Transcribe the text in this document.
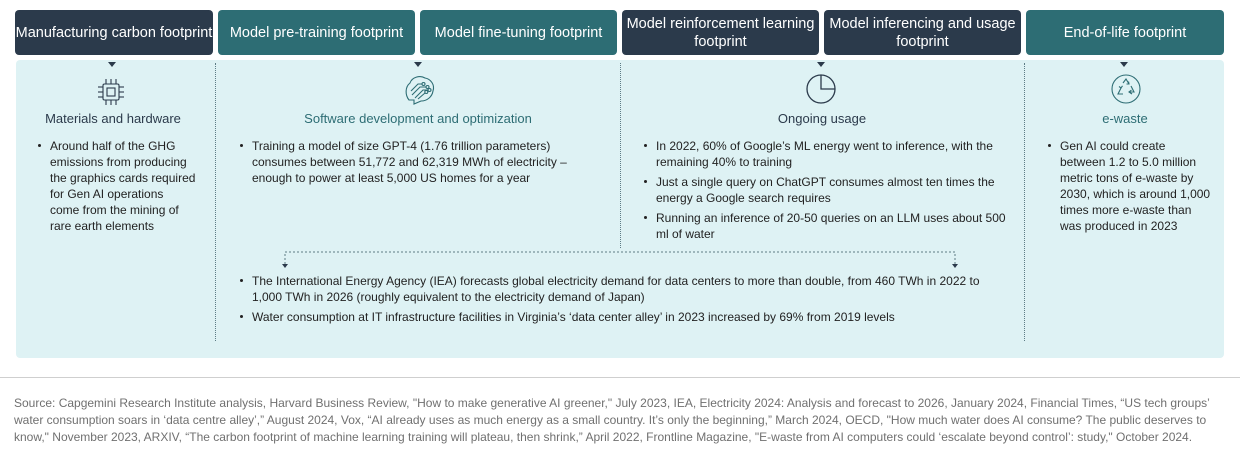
Manufacturing carbon footprint Model pre-training footprint Model fine-tuning footprint
Model reinforcement learning footprint
Model inferencing and usage footprint
End-of-life footprint
Materials and hardware	Software development and optimization	Ongoing usage	e-waste
Around half of the GHG emissions from producing the graphics cards required for Gen AI operations come from the mining of rare earth elements
Training a model of size GPT-4 (1.76 trillion parameters) consumes between 51,772 and 62,319 MWh of electricity – enough to power at least 5,000 US homes for a year
In 2022, 60% of Google’s ML energy went to inference, with the remaining 40% to training
Just a single query on ChatGPT consumes almost ten times the energy a Google search requires
Running an inference of 20-50 queries on an LLM uses about 500 ml of water
Gen AI could create between 1.2 to 5.0 million metric tons of e-waste by 2030, which is around 1,000 times more e-waste than was produced in 2023
The International Energy Agency (IEA) forecasts global electricity demand for data centers to more than double, from 460 TWh in 2022 to 1,000 TWh in 2026 (roughly equivalent to the electricity demand of Japan)
Water consumption at IT infrastructure facilities in Virginia’s ‘data center alley’ in 2023 increased by 69% from 2019 levels
Source: Capgemini Research Institute analysis, Harvard Business Review, "How to make generative AI greener," July 2023, IEA, Electricity 2024: Analysis and forecast to 2026, January 2024, Financial Times, “US tech groups’ water consumption soars in ‘data centre alley’,” August 2024, Vox, “AI already uses as much energy as a small country. It’s only the beginning,” March 2024, OECD, "How much water does AI consume? The public deserves to know," November 2023, ARXIV, “The carbon footprint of machine learning training will plateau, then shrink,” April 2022, Frontline Magazine, "E-waste from AI computers could ‘escalate beyond control’: study," October 2024.
